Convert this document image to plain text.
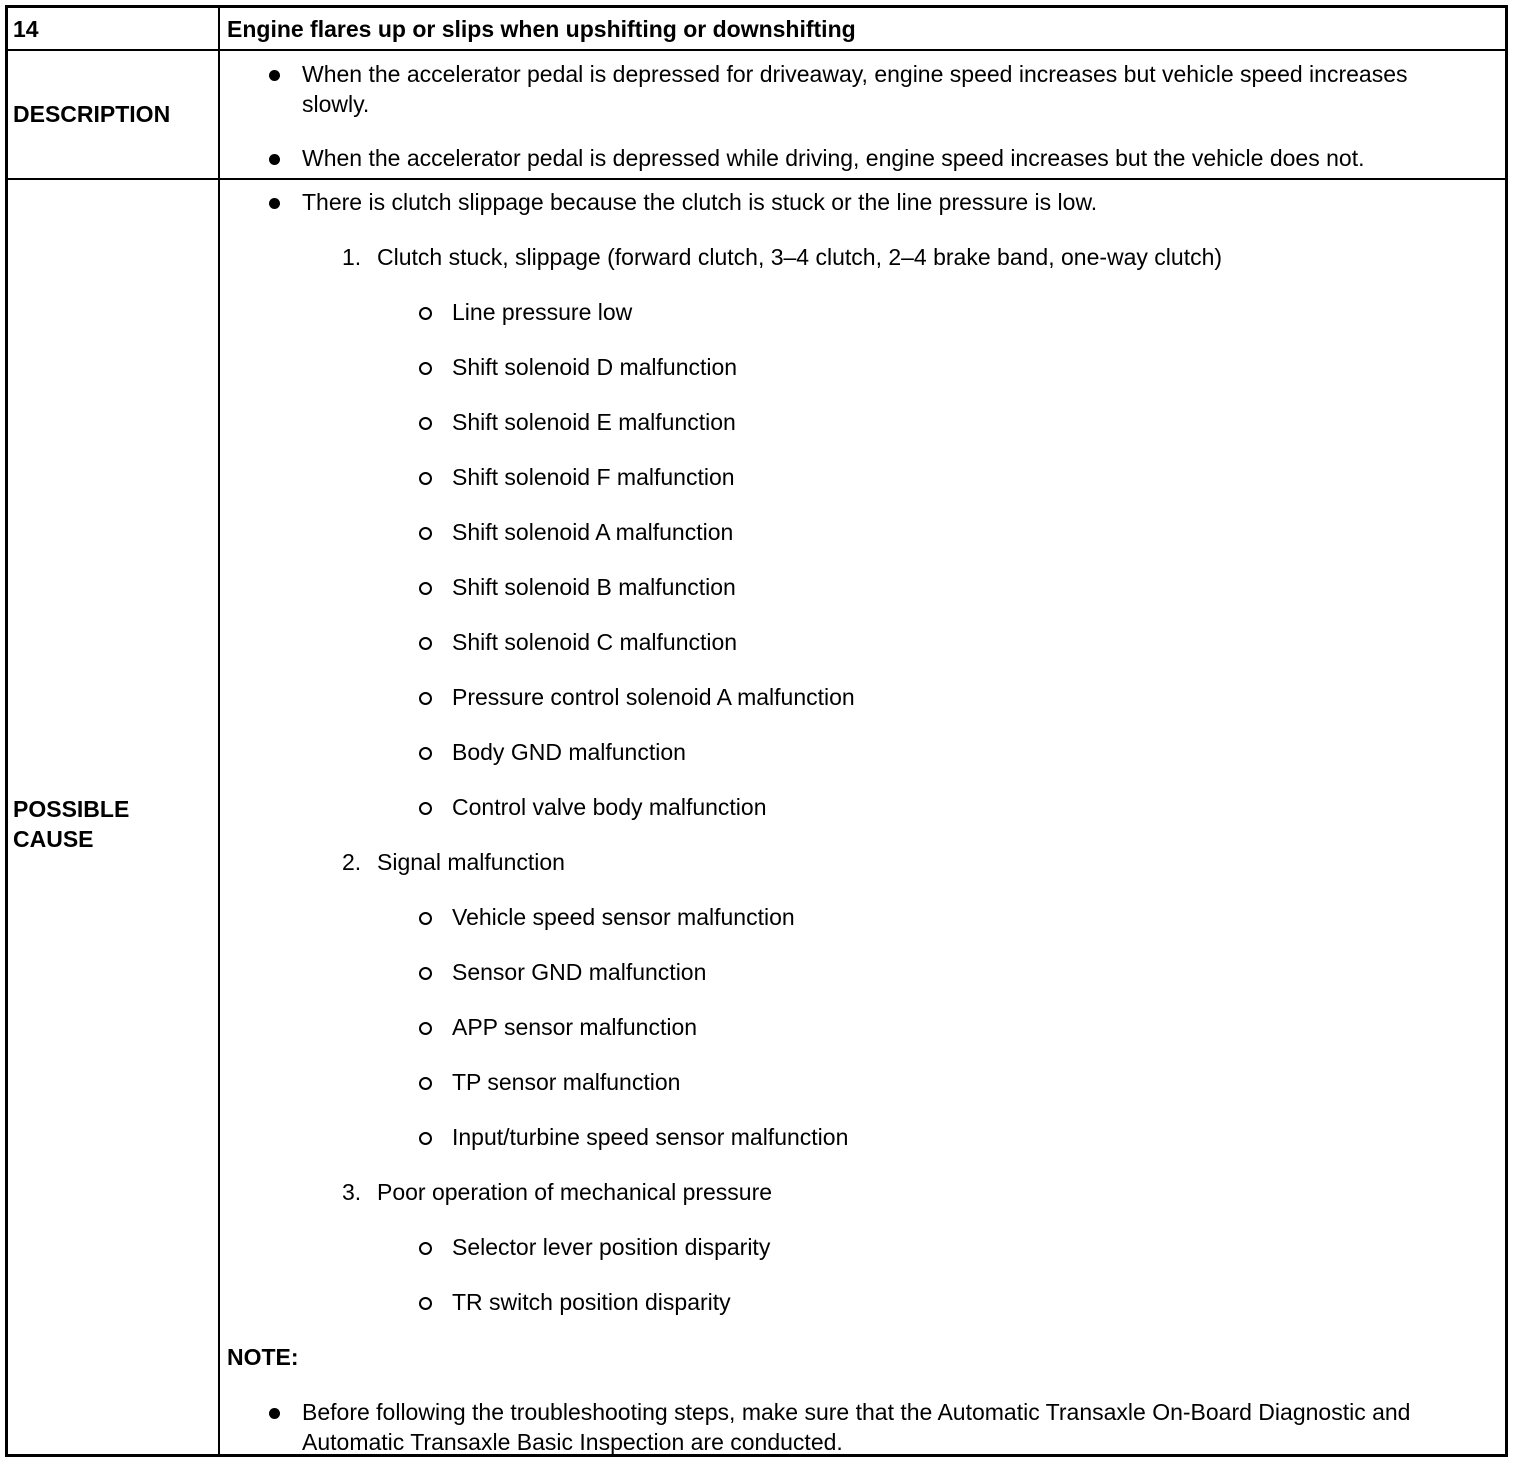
14	Engine flares up or slips when upshifting or downshifting
DESCRIPTION
When the accelerator pedal is depressed for driveaway, engine speed increases but vehicle speed increases slowly.
When the accelerator pedal is depressed while driving, engine speed increases but the vehicle does not.
POSSIBLE
CAUSE
There is clutch slippage because the clutch is stuck or the line pressure is low.
1. Clutch stuck, slippage (forward clutch, 3–4 clutch, 2–4 brake band, one-way clutch)
Line pressure low
Shift solenoid D malfunction
Shift solenoid E malfunction
Shift solenoid F malfunction
Shift solenoid A malfunction
Shift solenoid B malfunction
Shift solenoid C malfunction
Pressure control solenoid A malfunction
Body GND malfunction
Control valve body malfunction
2. Signal malfunction
Vehicle speed sensor malfunction
Sensor GND malfunction
APP sensor malfunction
TP sensor malfunction
Input/turbine speed sensor malfunction
3. Poor operation of mechanical pressure
Selector lever position disparity
TR switch position disparity
NOTE:
Before following the troubleshooting steps, make sure that the Automatic Transaxle On-Board Diagnostic and Automatic Transaxle Basic Inspection are conducted.
